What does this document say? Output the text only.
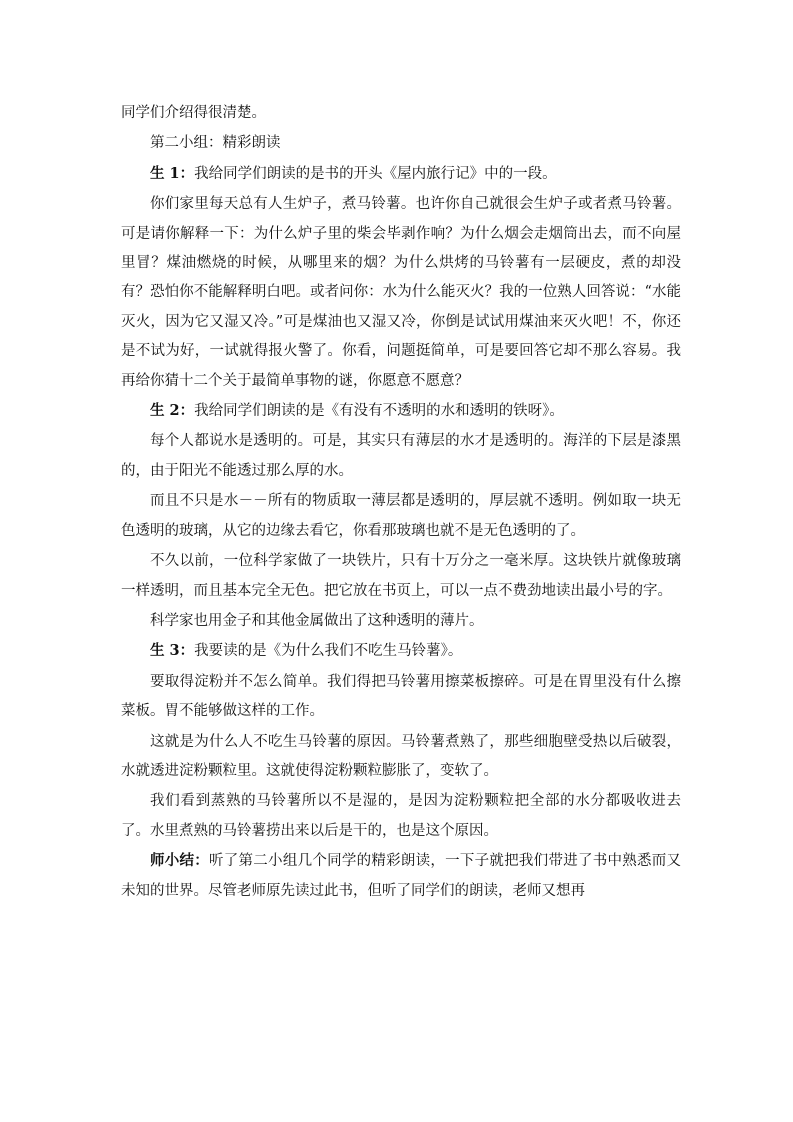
同学们介绍得很清楚。

第二小组：精彩朗读

生 1：我给同学们朗读的是书的开头《屋内旅行记》中的一段。

你们家里每天总有人生炉子，煮马铃薯。也许你自己就很会生炉子或者煮马铃薯。可是请你解释一下：为什么炉子里的柴会毕剥作响？为什么烟会走烟筒出去，而不向屋里冒？煤油燃烧的时候，从哪里来的烟？为什么烘烤的马铃薯有一层硬皮，煮的却没有？恐怕你不能解释明白吧。或者问你：水为什么能灭火？我的一位熟人回答说：“水能灭火，因为它又湿又冷。”可是煤油也又湿又冷，你倒是试试用煤油来灭火吧！不，你还是不试为好，一试就得报火警了。你看，问题挺简单，可是要回答它却不那么容易。我再给你猜十二个关于最简单事物的谜，你愿意不愿意？

生 2：我给同学们朗读的是《有没有不透明的水和透明的铁呀》。

每个人都说水是透明的。可是，其实只有薄层的水才是透明的。海洋的下层是漆黑的，由于阳光不能透过那么厚的水。

而且不只是水－－所有的物质取一薄层都是透明的，厚层就不透明。例如取一块无色透明的玻璃，从它的边缘去看它，你看那玻璃也就不是无色透明的了。

不久以前，一位科学家做了一块铁片，只有十万分之一毫米厚。这块铁片就像玻璃一样透明，而且基本完全无色。把它放在书页上，可以一点不费劲地读出最小号的字。

科学家也用金子和其他金属做出了这种透明的薄片。

生 3：我要读的是《为什么我们不吃生马铃薯》。

要取得淀粉并不怎么简单。我们得把马铃薯用擦菜板擦碎。可是在胃里没有什么擦菜板。胃不能够做这样的工作。

这就是为什么人不吃生马铃薯的原因。马铃薯煮熟了，那些细胞壁受热以后破裂，水就透进淀粉颗粒里。这就使得淀粉颗粒膨胀了，变软了。

我们看到蒸熟的马铃薯所以不是湿的，是因为淀粉颗粒把全部的水分都吸收进去了。水里煮熟的马铃薯捞出来以后是干的，也是这个原因。

师小结：听了第二小组几个同学的精彩朗读，一下子就把我们带进了书中熟悉而又未知的世界。尽管老师原先读过此书，但听了同学们的朗读，老师又想再
